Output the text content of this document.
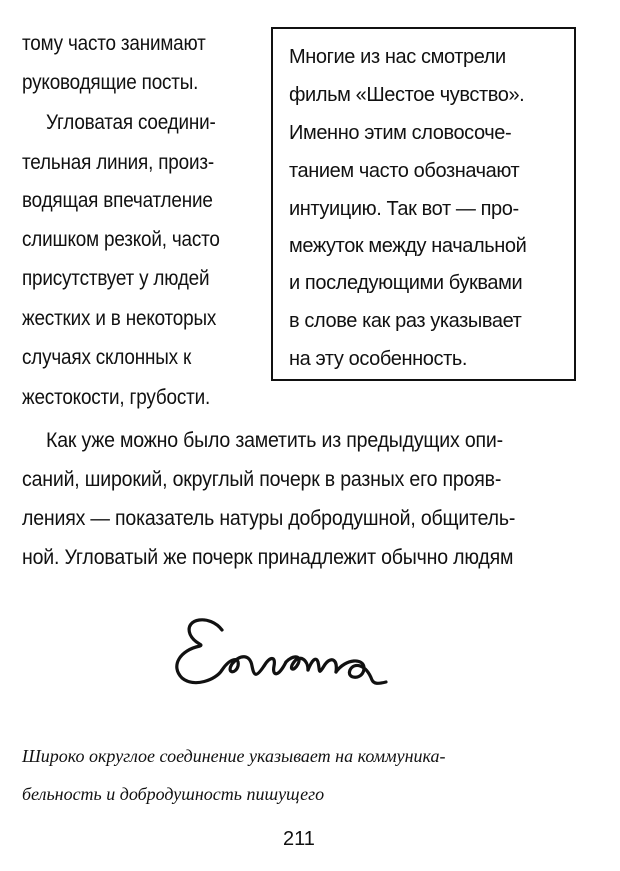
тому часто занимают
руководящие посты.
Угловатая соедини-
тельная линия, произ-
водящая впечатление
слишком резкой, часто
присутствует у людей
жестких и в некоторых
случаях склонных к
жестокости, грубости.
Многие из нас смотрели
фильм «Шестое чувство».
Именно этим словосоче-
танием часто обозначают
интуицию. Так вот — про-
межуток между начальной
и последующими буквами
в слове как раз указывает
на эту особенность.
Как уже можно было заметить из предыдущих опи-
саний, широкий, округлый почерк в разных его прояв-
лениях — показатель натуры добродушной, общитель-
ной. Угловатый же почерк принадлежит обычно людям
Широко округлое соединение указывает на коммуника-
бельность и добродушность пишущего
211
